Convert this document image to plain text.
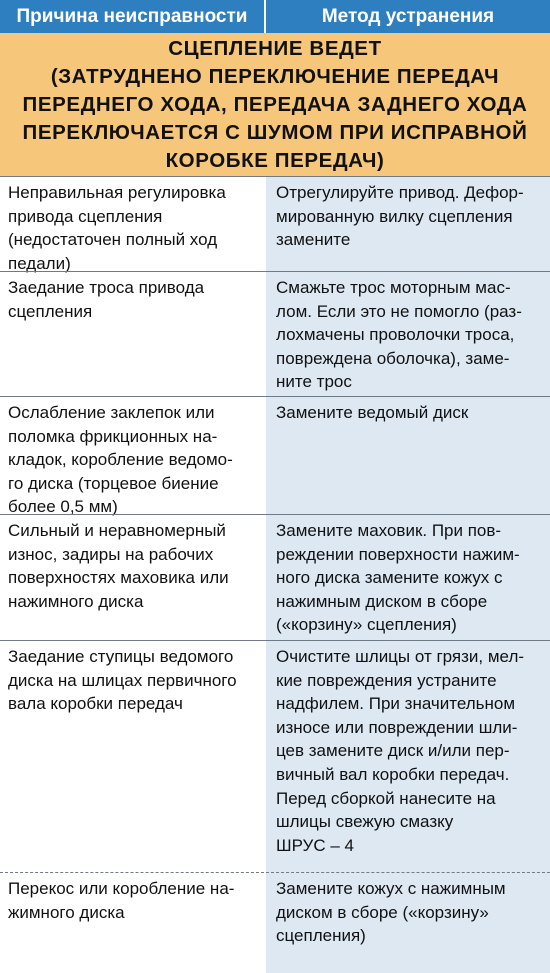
Причина неисправности	Метод устранения
СЦЕПЛЕНИЕ ВЕДЕТ
(ЗАТРУДНЕНО ПЕРЕКЛЮЧЕНИЕ ПЕРЕДАЧ
ПЕРЕДНЕГО ХОДА, ПЕРЕДАЧА ЗАДНЕГО ХОДА
ПЕРЕКЛЮЧАЕТСЯ С ШУМОМ ПРИ ИСПРАВНОЙ
КОРОБКЕ ПЕРЕДАЧ)
Неправильная регулировка
привода сцепления
(недостаточен полный ход
педали)
Отрегулируйте привод. Дефор-
мированную вилку сцепления
замените
Заедание троса привода
сцепления
Смажьте трос моторным мас-
лом. Если это не помогло (раз-
лохмачены проволочки троса,
повреждена оболочка), заме-
ните трос
Ослабление заклепок или
поломка фрикционных на-
кладок, коробление ведомо-
го диска (торцевое биение
более 0,5 мм)
Замените ведомый диск
Сильный и неравномерный
износ, задиры на рабочих
поверхностях маховика или
нажимного диска
Замените маховик. При пов-
реждении поверхности нажим-
ного диска замените кожух с
нажимным диском в сборе
(«корзину» сцепления)
Заедание ступицы ведомого
диска на шлицах первичного
вала коробки передач
Очистите шлицы от грязи, мел-
кие повреждения устраните
надфилем. При значительном
износе или повреждении шли-
цев замените диск и/или пер-
вичный вал коробки передач.
Перед сборкой нанесите на
шлицы свежую смазку
ШРУС – 4
Перекос или коробление на-
жимного диска
Замените кожух с нажимным
диском в сборе («корзину»
сцепления)
